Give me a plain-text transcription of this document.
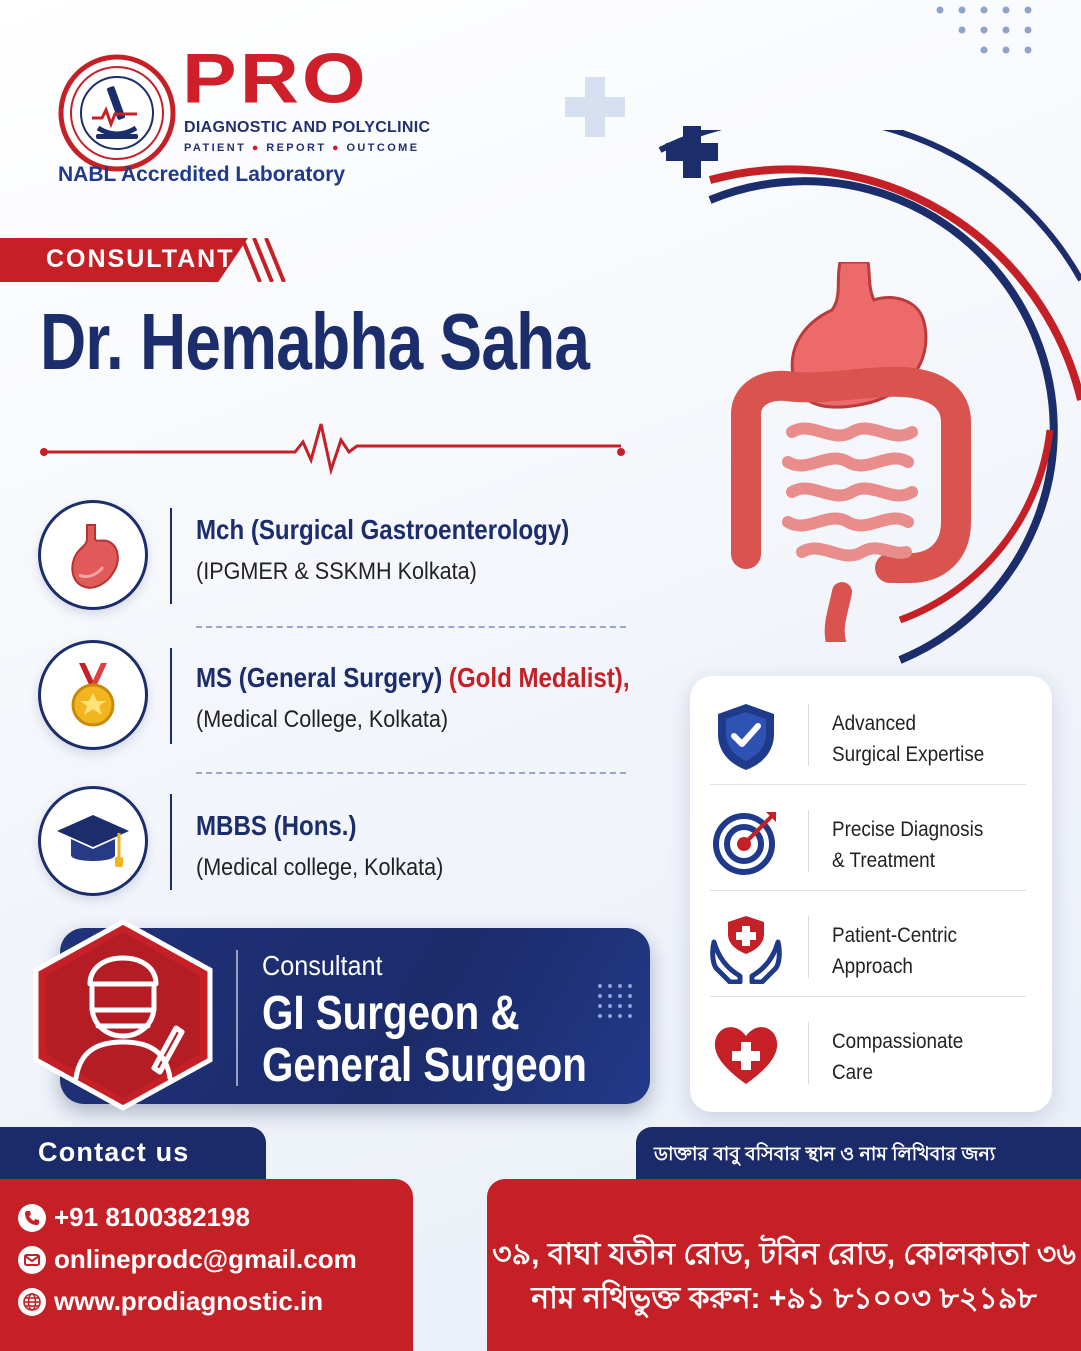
PRO
DIAGNOSTIC AND POLYCLINIC
PATIENT ● REPORT ● OUTCOME
NABL Accredited Laboratory
CONSULTANT
Dr. Hemabha Saha
Mch (Surgical Gastroenterology)
(IPGMER & SSKMH Kolkata)
MS (General Surgery) (Gold Medalist),
(Medical College, Kolkata)
MBBS (Hons.)
(Medical college, Kolkata)
Advanced
Surgical Expertise
Precise Diagnosis
& Treatment
Patient-Centric
Approach
Compassionate
Care
Consultant
GI Surgeon &
General Surgeon
Contact us
+91 8100382198
onlineprodc@gmail.com
www.prodiagnostic.in
ডাক্তার বাবু বসিবার স্থান ও নাম লিখিবার জন্য
৩৯, বাঘা যতীন রোড, টবিন রোড, কোলকাতা ৩৬
নাম নথিভুক্ত করুন: +৯১ ৮১০০৩ ৮২১৯৮
